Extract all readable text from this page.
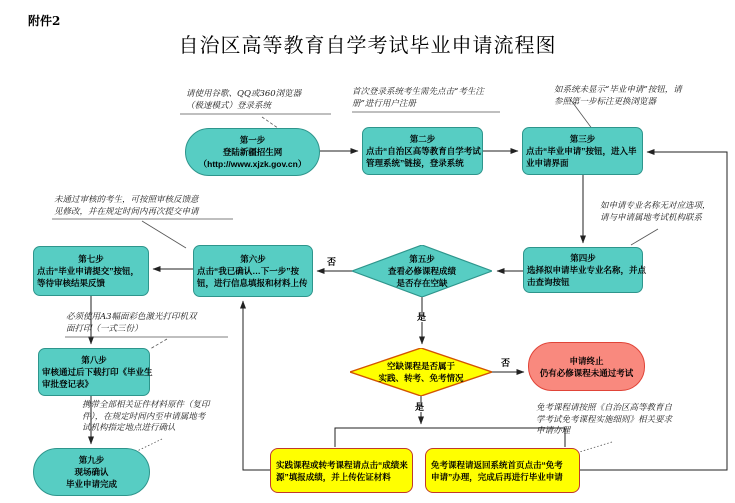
附件2
自治区高等教育自学考试毕业申请流程图
第一步
登陆新疆招生网
（http://www.xjzk.gov.cn）
第二步
点击“自治区高等教育自学考试
管理系统”链接，登录系统
第三步
点击“毕业申请”按钮，进入毕
业申请界面
第四步
选择拟申请毕业专业名称，并点
击查询按钮
第五步
查看必修课程成绩
是否存在空缺
第六步
点击“我已确认…下一步”按
钮，进行信息填报和材料上传
第七步
点击“毕业申请提交”按钮，
等待审核结果反馈
第八步
审核通过后下载打印《毕业生
审批登记表》
第九步
现场确认
毕业申请完成
空缺课程是否属于
实践、转考、免考情况
申请终止
仍有必修课程未通过考试
实践课程或转考课程请点击“成绩来
源”填报成绩，并上传佐证材料
免考课程请返回系统首页点击“免考
申请”办理，完成后再进行毕业申请
否
是
否
是
请使用谷歌、QQ或360浏览器
（极速模式）登录系统
首次登录系统考生需先点击“考生注
册”进行用户注册
如系统未显示“毕业申请”按钮，请
参照第一步标注更换浏览器
未通过审核的考生，可按照审核反馈意
见修改，并在规定时间内再次提交申请
如申请专业名称无对应选项，
请与申请属地考试机构联系
必须使用A3幅面彩色激光打印机双
面打印（一式三份）
携带全部相关证件材料原件（复印
件），在规定时间内至申请属地考
试机构指定地点进行确认
免考课程请按照《自治区高等教育自
学考试免考课程实施细则》相关要求
申请办理
